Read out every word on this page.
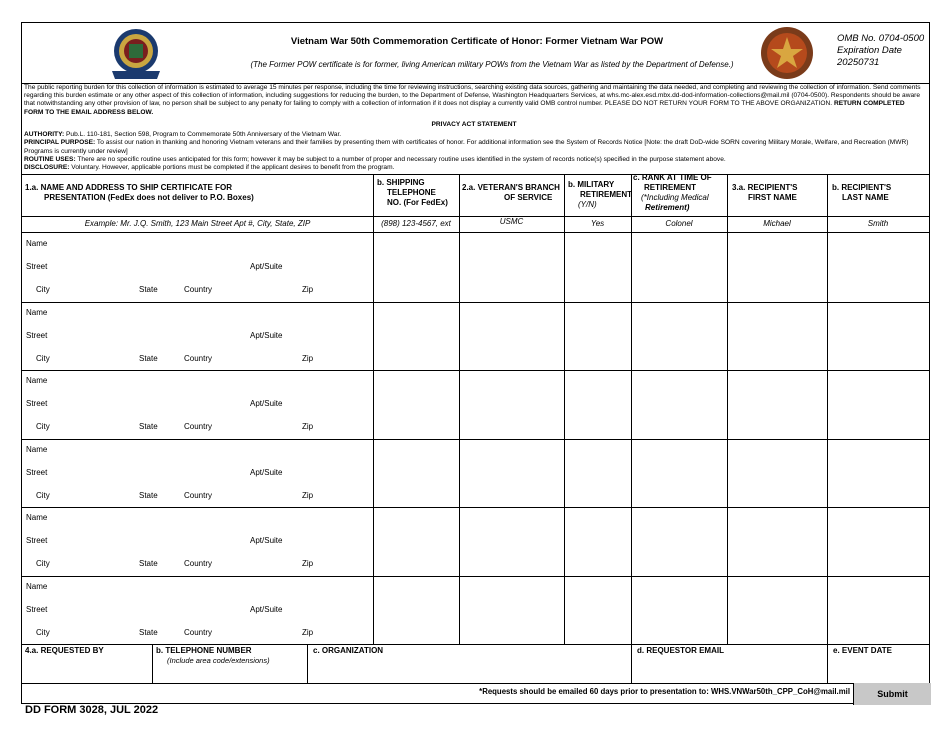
Vietnam War 50th Commemoration Certificate of Honor: Former Vietnam War POW
(The Former POW certificate is for former, living American military POWs from the Vietnam War as listed by the Department of Defense.)
OMB No. 0704-0500
Expiration Date
20250731
The public reporting burden for this collection of information is estimated to average 15 minutes per response, including the time for reviewing instructions, searching existing data sources, gathering and maintaining the data needed, and completing and reviewing the collection of information. Send comments regarding this burden estimate or any other aspect of this collection of information, including suggestions for reducing the burden, to the Department of Defense, Washington Headquarters Services, at whs.mc-alex.esd.mbx.dd-dod-information-collections@mail.mil (0704-0500). Respondents should be aware that notwithstanding any other provision of law, no person shall be subject to any penalty for failing to comply with a collection of information if it does not display a currently valid OMB control number. PLEASE DO NOT RETURN YOUR FORM TO THE ABOVE ORGANIZATION. RETURN COMPLETED FORM TO THE EMAIL ADDRESS BELOW.
PRIVACY ACT STATEMENT
AUTHORITY: Pub.L. 110-181, Section 598, Program to Commemorate 50th Anniversary of the Vietnam War.
PRINCIPAL PURPOSE: To assist our nation in thanking and honoring Vietnam veterans and their families by presenting them with certificates of honor. For additional information see the System of Records Notice [Note: the draft DoD-wide SORN covering Military Morale, Welfare, and Recreation (MWR) Programs is currently under review]
ROUTINE USES: There are no specific routine uses anticipated for this form; however it may be subject to a number of proper and necessary routine uses identified in the system of records notice(s) specified in the purpose statement above.
DISCLOSURE: Voluntary. However, applicable portions must be completed if the applicant desires to benefit from the program.
1.a. NAME AND ADDRESS TO SHIP CERTIFICATE FOR
PRESENTATION (FedEx does not deliver to P.O. Boxes)
b. SHIPPING
TELEPHONE
NO. (For FedEx)
2.a. VETERAN'S BRANCH
OF SERVICE
b. MILITARY
RETIREMENT
(Y/N)
c. RANK AT TIME OF
RETIREMENT
(*Including Medical
Retirement)
3.a. RECIPIENT'S
FIRST NAME
b. RECIPIENT'S
LAST NAME
Example: Mr. J.Q. Smith, 123 Main Street Apt #, City, State, ZIP	(898) 123-4567, ext	USMC	Yes	Colonel	Michael	Smith
Name
Street	Apt/Suite
City	State	Country	Zip
Name
Street	Apt/Suite
City	State	Country	Zip
Name
Street	Apt/Suite
City	State	Country	Zip
Name
Street	Apt/Suite
City	State	Country	Zip
Name
Street	Apt/Suite
City	State	Country	Zip
Name
Street	Apt/Suite
City	State	Country	Zip
4.a. REQUESTED BY	b. TELEPHONE NUMBER
(Include area code/extensions)
c. ORGANIZATION	d. REQUESTOR EMAIL	e. EVENT DATE
*Requests should be emailed 60 days prior to presentation to: WHS.VNWar50th_CPP_CoH@mail.mil	Submit
DD FORM 3028, JUL 2022
